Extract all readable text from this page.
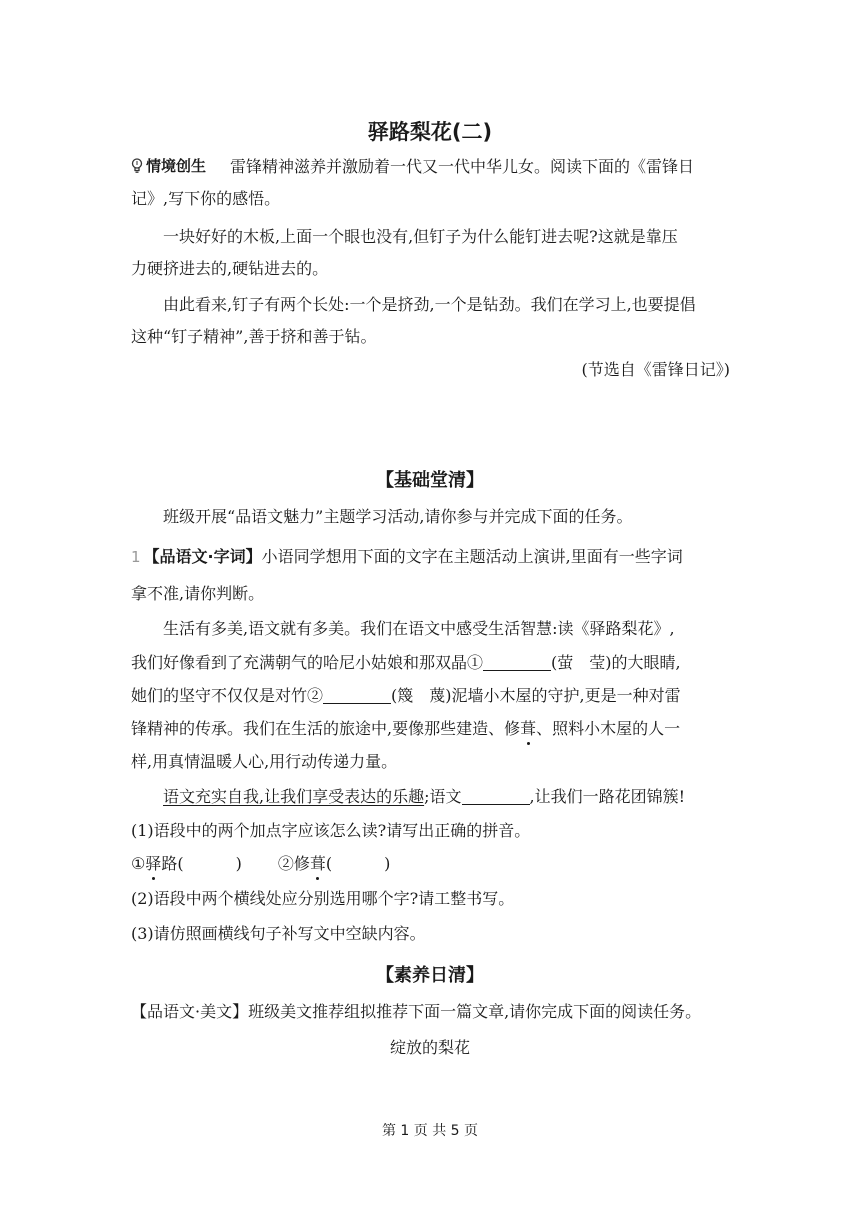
驿路梨花(二)
情境创生 雷锋精神滋养并激励着一代又一代中华儿女。阅读下面的《雷锋日
记》,写下你的感悟。
一块好好的木板,上面一个眼也没有,但钉子为什么能钉进去呢?这就是靠压
力硬挤进去的,硬钻进去的。
由此看来,钉子有两个长处:一个是挤劲,一个是钻劲。我们在学习上,也要提倡
这种“钉子精神”,善于挤和善于钻。
(节选自《雷锋日记》)
【基础堂清】
班级开展“品语文魅力”主题学习活动,请你参与并完成下面的任务。
1 【品语文·字词】小语同学想用下面的文字在主题活动上演讲,里面有一些字词
拿不准,请你判断。
生活有多美,语文就有多美。我们在语文中感受生活智慧:读《驿路梨花》,
我们好像看到了充满朝气的哈尼小姑娘和那双晶①	(萤　莹)的大眼睛,
她们的坚守不仅仅是对竹②	(篾　蔑)泥墙小木屋的守护,更是一种对雷
锋精神的传承。我们在生活的旅途中,要像那些建造、修葺、照料小木屋的人一
样,用真情温暖人心,用行动传递力量。
语文充实自我,让我们享受表达的乐趣;语文	,让我们一路花团锦簇!
(1)语段中的两个加点字应该怎么读?请写出正确的拼音。
①驿路(	) ②修葺(	)
(2)语段中两个横线处应分别选用哪个字?请工整书写。
(3)请仿照画横线句子补写文中空缺内容。
【素养日清】
【品语文·美文】班级美文推荐组拟推荐下面一篇文章,请你完成下面的阅读任务。
绽放的梨花
第 1 页 共 5 页
